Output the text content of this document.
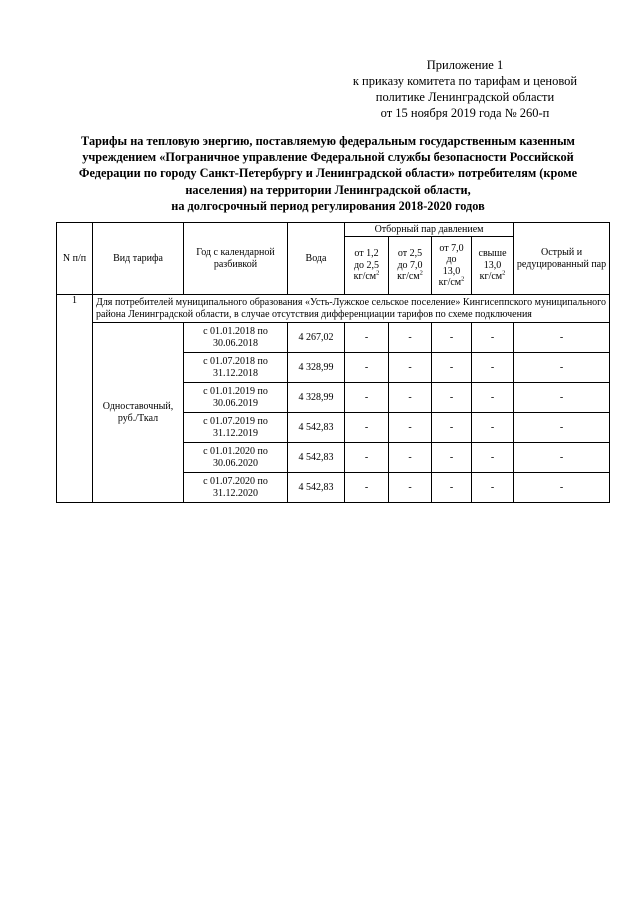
Приложение 1
к приказу комитета по тарифам и ценовой
политике Ленинградской области
от 15 ноября 2019 года № 260-п
Тарифы на тепловую энергию, поставляемую федеральным государственным казенным
учреждением «Пограничное управление Федеральной службы безопасности Российской
Федерации по городу Санкт-Петербургу и Ленинградской области» потребителям (кроме
населения) на территории Ленинградской области,
на долгосрочный период регулирования 2018-2020 годов
N п/п	Вид тарифа	Год с календарной разбивкой	Вода	Отборный пар давлением				Острый и редуцированный пар
				от 1,2
до 2,5
$кг/см^2$	от 2,5
до 7,0
$кг/см^2$	от 7,0
до
13,0
$кг/см^2$	свыше
13,0
$кг/см^2$
1	Для потребителей муниципального образования «Усть-Лужское сельское поселение» Кингисеппского муниципального района Ленинградской области, в случае отсутствия дифференциации тарифов по схеме подключения							
	Одноставочный, руб./Ткал	с 01.01.2018 по 30.06.2018	4 267,02	-	-	-	-	-
		с 01.07.2018 по 31.12.2018	4 328,99	-	-	-	-	-
		с 01.01.2019 по 30.06.2019	4 328,99	-	-	-	-	-
		с 01.07.2019 по 31.12.2019	4 542,83	-	-	-	-	-
		с 01.01.2020 по 30.06.2020	4 542,83	-	-	-	-	-
		с 01.07.2020 по 31.12.2020	4 542,83	-	-	-	-	-
